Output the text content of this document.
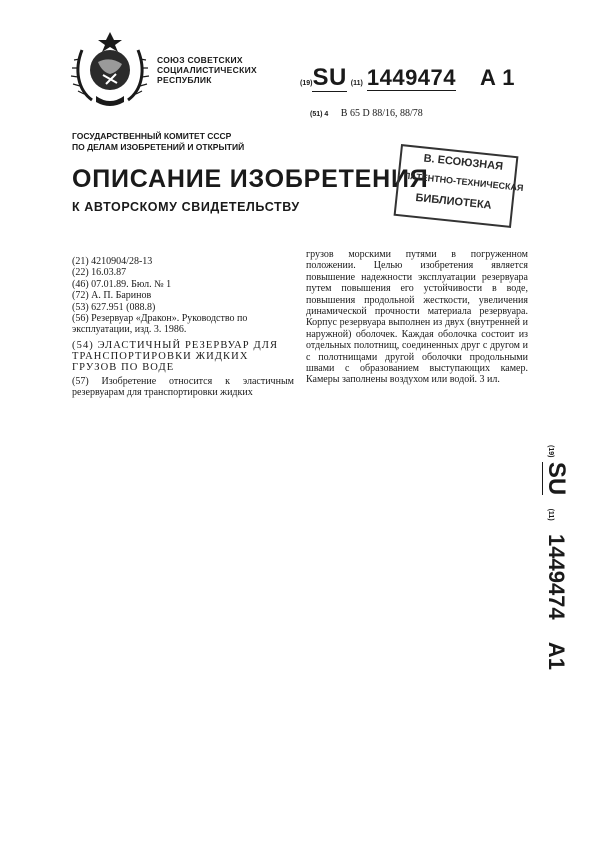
СОЮЗ СОВЕТСКИХ
СОЦИАЛИСТИЧЕСКИХ
РЕСПУБЛИК	(19)SU (11) 1449474 A 1
(51) 4 B 65 D 88/16, 88/78
ГОСУДАРСТВЕННЫЙ КОМИТЕТ СССР
ПО ДЕЛАМ ИЗОБРЕТЕНИЙ И ОТКРЫТИЙ
ОПИСАНИЕ ИЗОБРЕТЕНИЯ
К АВТОРСКОМУ СВИДЕТЕЛЬСТВУ
В. ЕСОЮЗНАЯ
ПАТЕНТНО-ТЕХНИЧЕСКАЯ
БИБЛИОТЕКА
(21) 4210904/28-13
(22) 16.03.87
(46) 07.01.89. Бюл. № 1
(72) А. П. Баринов
(53) 627.951 (088.8)
(56) Резервуар «Дракон». Руководство по эксплуатации, изд. 3. 1986.
(54) ЭЛАСТИЧНЫЙ РЕЗЕРВУАР ДЛЯ ТРАНСПОРТИРОВКИ ЖИДКИХ ГРУЗОВ ПО ВОДЕ
(57) Изобретение относится к эластичным резервуарам для транспортировки жидких
грузов морскими путями в погруженном положении. Целью изобретения является повышение надежности эксплуатации резервуара путем повышения его устойчивости в воде, повышения продольной жесткости, увеличения динамической прочности материала резервуара. Корпус резервуара выполнен из двух (внутренней и наружной) оболочек. Каждая оболочка состоит из отдельных полотнищ, соединенных друг с другом и с полотнищами другой оболочки продольными швами с образованием выступающих камер. Камеры заполнены воздухом или водой. 3 ил.
(19) SU   (11)   1449474     A1
